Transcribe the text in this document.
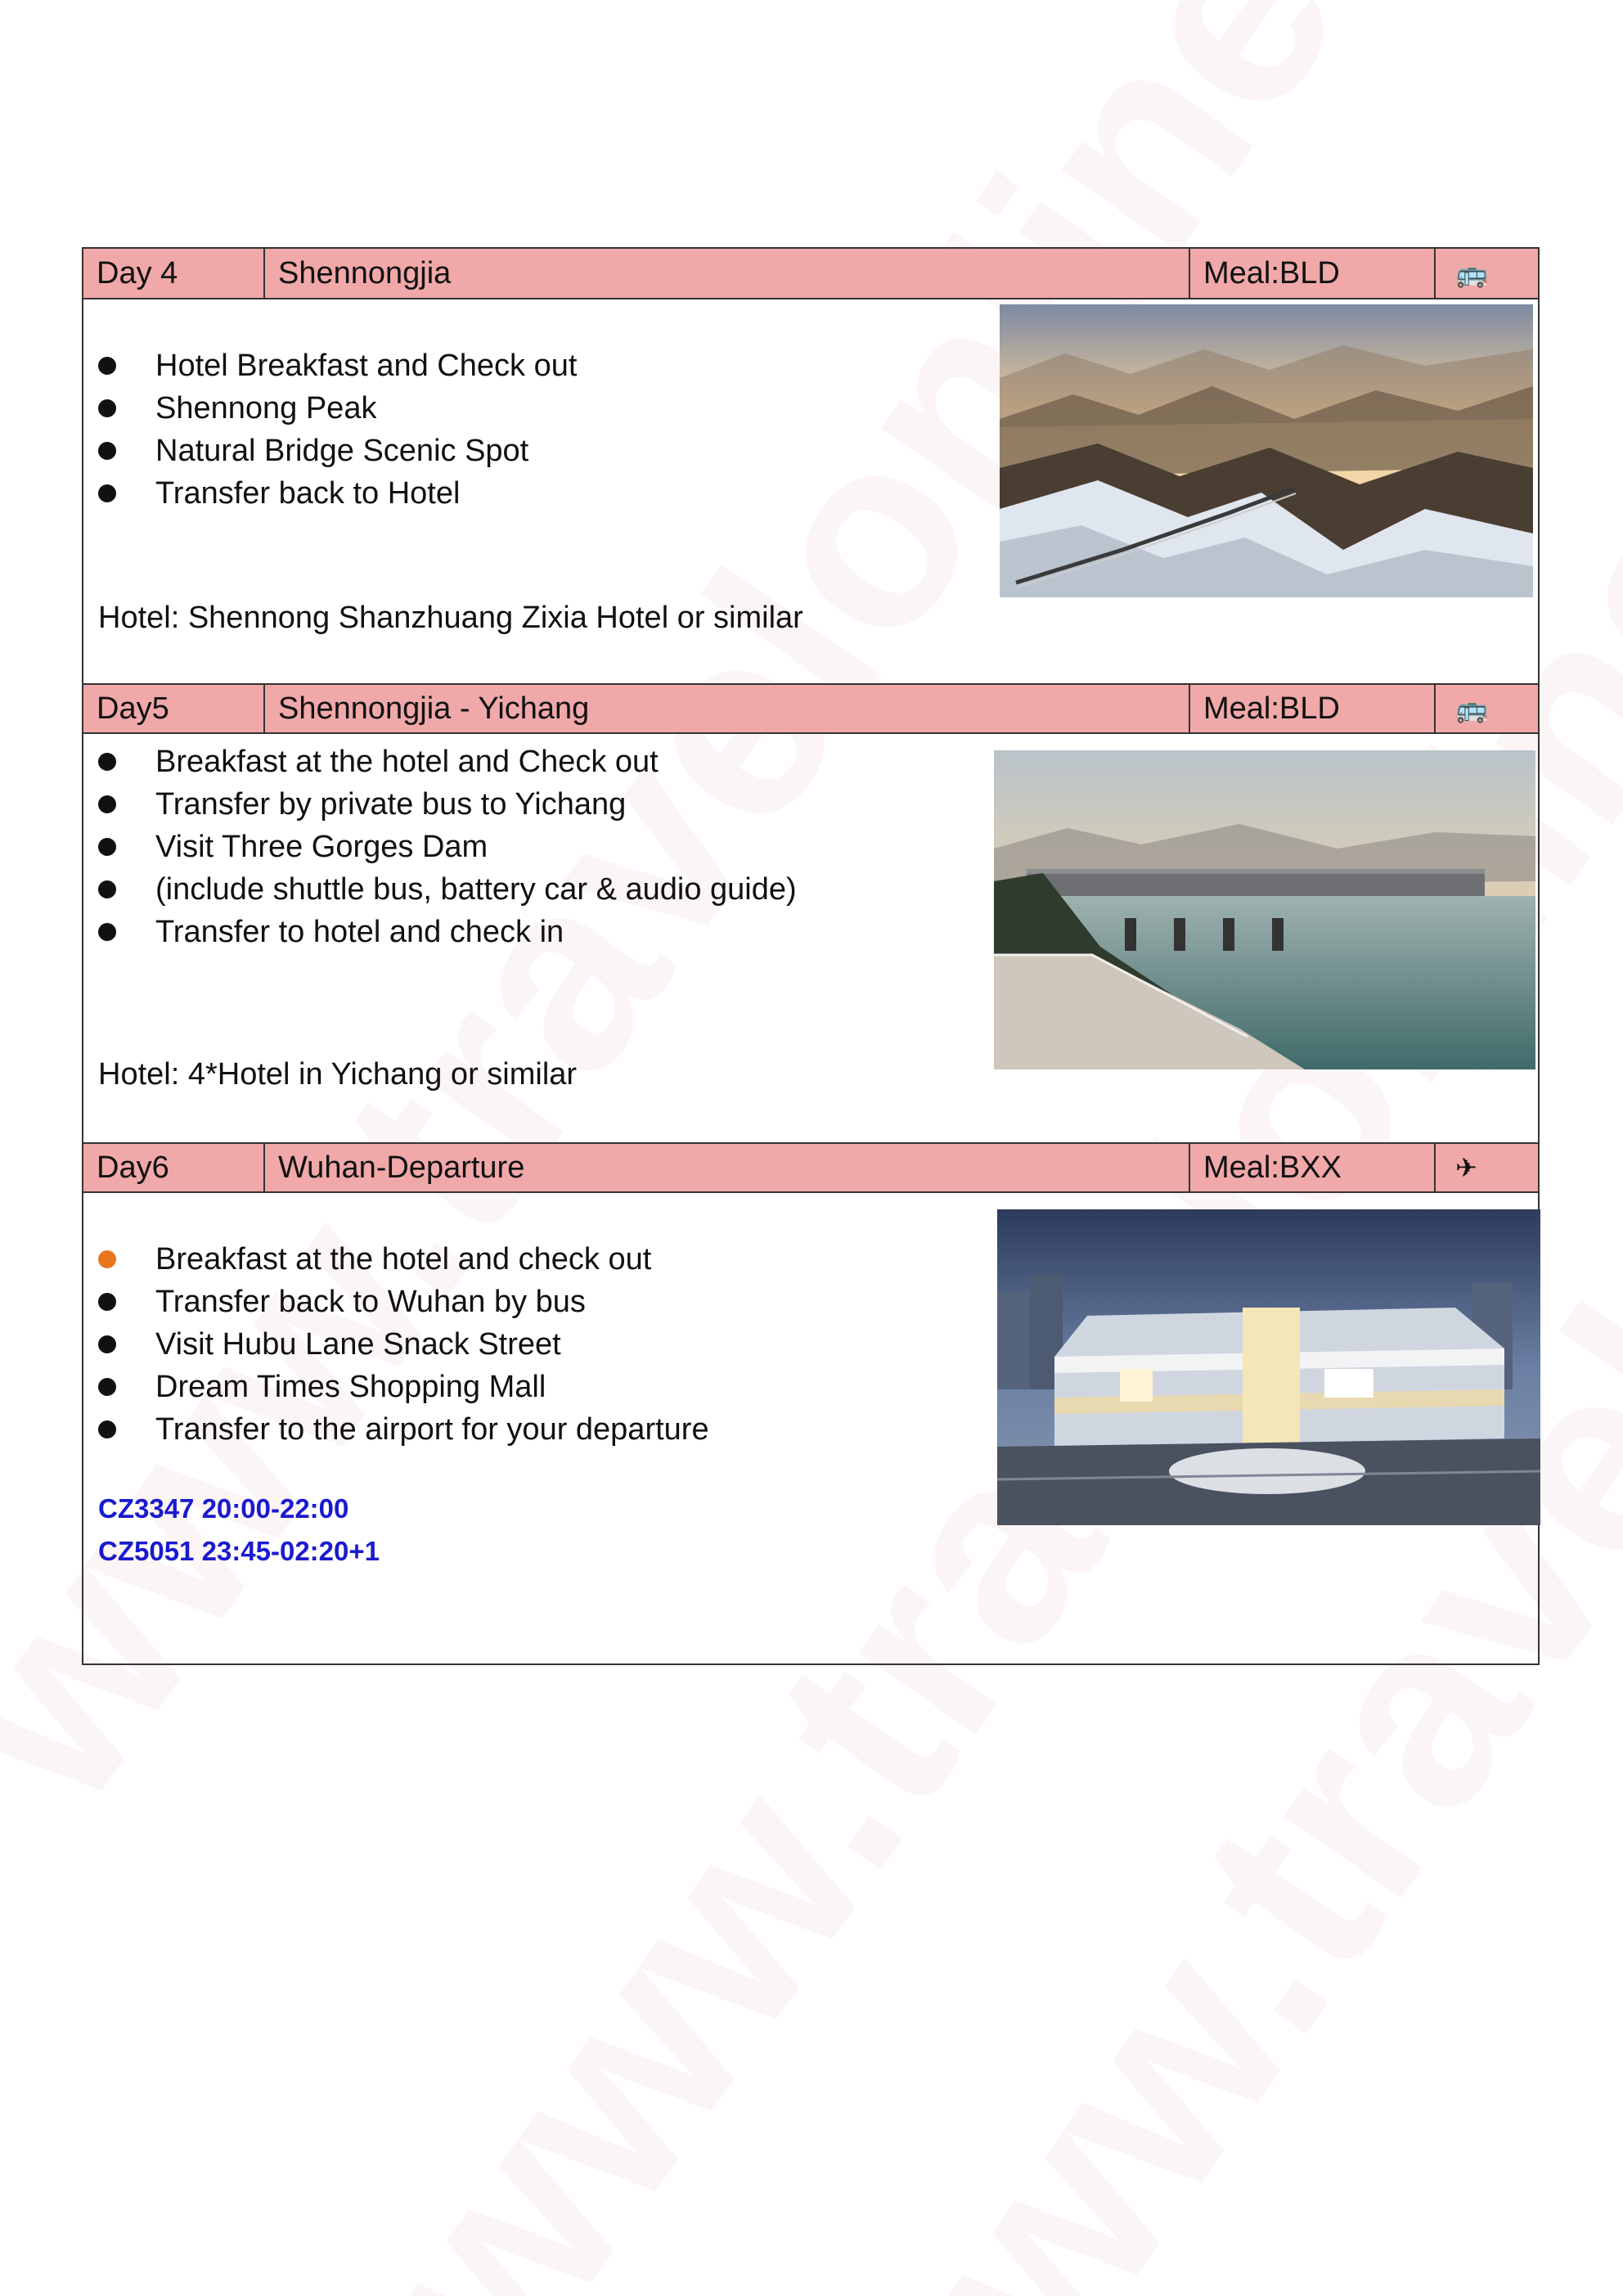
Day 4	Shennongjia	Meal:BLD	🚌
Hotel Breakfast and Check out
Shennong Peak
Natural Bridge Scenic Spot
Transfer back to Hotel
Hotel: Shennong Shanzhuang Zixia Hotel or similar
Day5	Shennongjia - Yichang	Meal:BLD	🚌
Breakfast at the hotel and Check out
Transfer by private bus to Yichang
Visit Three Gorges Dam
(include shuttle bus, battery car & audio guide)
Transfer to hotel and check in
Hotel: 4*Hotel in Yichang or similar
Day6	Wuhan-Departure	Meal:BXX	✈
Breakfast at the hotel and check out
Transfer back to Wuhan by bus
Visit Hubu Lane Snack Street
Dream Times Shopping Mall
Transfer to the airport for your departure
CZ3347 20:00-22:00
CZ5051 23:45-02:20+1
